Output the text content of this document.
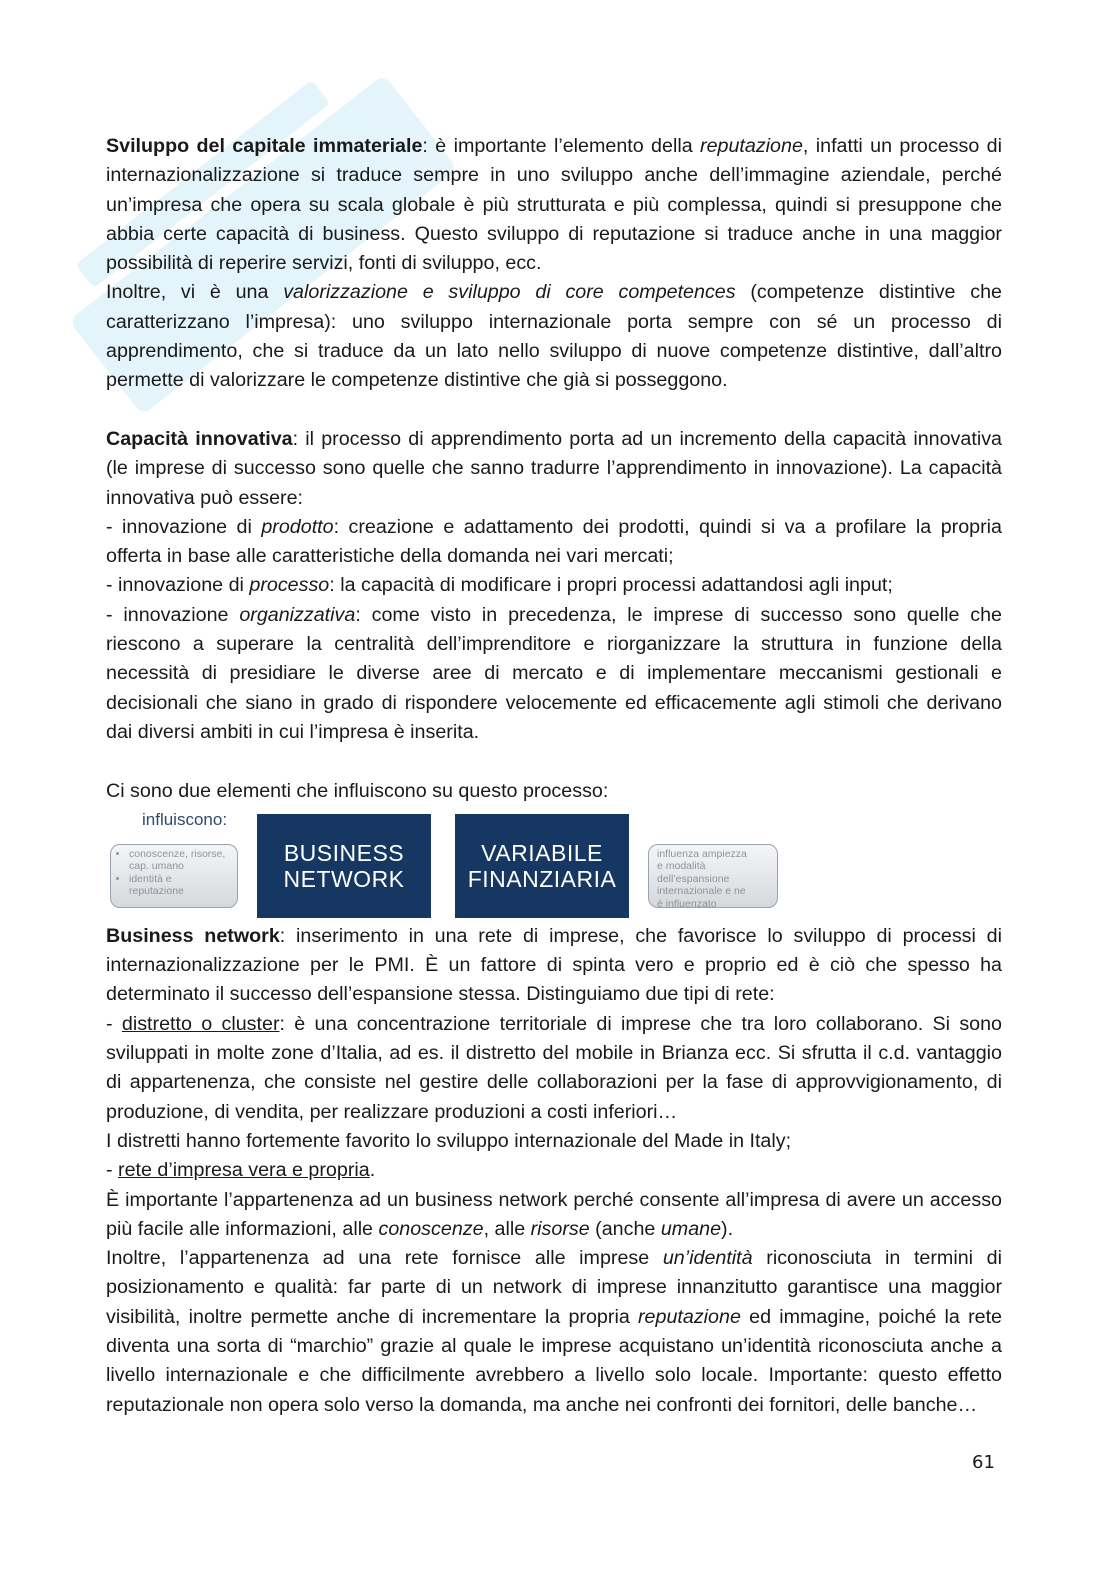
Sviluppo del capitale immateriale: è importante l’elemento della reputazione, infatti un processo di internazionalizzazione si traduce sempre in uno sviluppo anche dell’immagine aziendale, perché un’impresa che opera su scala globale è più strutturata e più complessa, quindi si presuppone che abbia certe capacità di business. Questo sviluppo di reputazione si traduce anche in una maggior possibilità di reperire servizi, fonti di sviluppo, ecc.

Inoltre, vi è una valorizzazione e sviluppo di core competences (competenze distintive che caratterizzano l’impresa): uno sviluppo internazionale porta sempre con sé un processo di apprendimento, che si traduce da un lato nello sviluppo di nuove competenze distintive, dall’altro permette di valorizzare le competenze distintive che già si posseggono.

Capacità innovativa: il processo di apprendimento porta ad un incremento della capacità innovativa (le imprese di successo sono quelle che sanno tradurre l’apprendimento in innovazione). La capacità innovativa può essere:

- innovazione di prodotto: creazione e adattamento dei prodotti, quindi si va a profilare la propria offerta in base alle caratteristiche della domanda nei vari mercati;

- innovazione di processo: la capacità di modificare i propri processi adattandosi agli input;

- innovazione organizzativa: come visto in precedenza, le imprese di successo sono quelle che riescono a superare la centralità dell’imprenditore e riorganizzare la struttura in funzione della necessità di presidiare le diverse aree di mercato e di implementare meccanismi gestionali e decisionali che siano in grado di rispondere velocemente ed efficacemente agli stimoli che derivano dai diversi ambiti in cui l’impresa è inserita.

Ci sono due elementi che influiscono su questo processo:

influiscono:
• conoscenze, risorse, cap. umano
• identità e reputazione
BUSINESS
NETWORK
VARIABILE
FINANZIARIA
influenza ampiezza
e modalità
dell’espansione
internazionale e ne
è influenzato

Business network: inserimento in una rete di imprese, che favorisce lo sviluppo di processi di internazionalizzazione per le PMI. È un fattore di spinta vero e proprio ed è ciò che spesso ha determinato il successo dell’espansione stessa. Distinguiamo due tipi di rete:

- distretto o cluster: è una concentrazione territoriale di imprese che tra loro collaborano. Si sono sviluppati in molte zone d’Italia, ad es. il distretto del mobile in Brianza ecc. Si sfrutta il c.d. vantaggio di appartenenza, che consiste nel gestire delle collaborazioni per la fase di approvvigionamento, di produzione, di vendita, per realizzare produzioni a costi inferiori…

I distretti hanno fortemente favorito lo sviluppo internazionale del Made in Italy;

- rete d’impresa vera e propria.

È importante l’appartenenza ad un business network perché consente all’impresa di avere un accesso più facile alle informazioni, alle conoscenze, alle risorse (anche umane).

Inoltre, l’appartenenza ad una rete fornisce alle imprese un’identità riconosciuta in termini di posizionamento e qualità: far parte di un network di imprese innanzitutto garantisce una maggior visibilità, inoltre permette anche di incrementare la propria reputazione ed immagine, poiché la rete diventa una sorta di “marchio” grazie al quale le imprese acquistano un’identità riconosciuta anche a livello internazionale e che difficilmente avrebbero a livello solo locale. Importante: questo effetto reputazionale non opera solo verso la domanda, ma anche nei confronti dei fornitori, delle banche…

61
